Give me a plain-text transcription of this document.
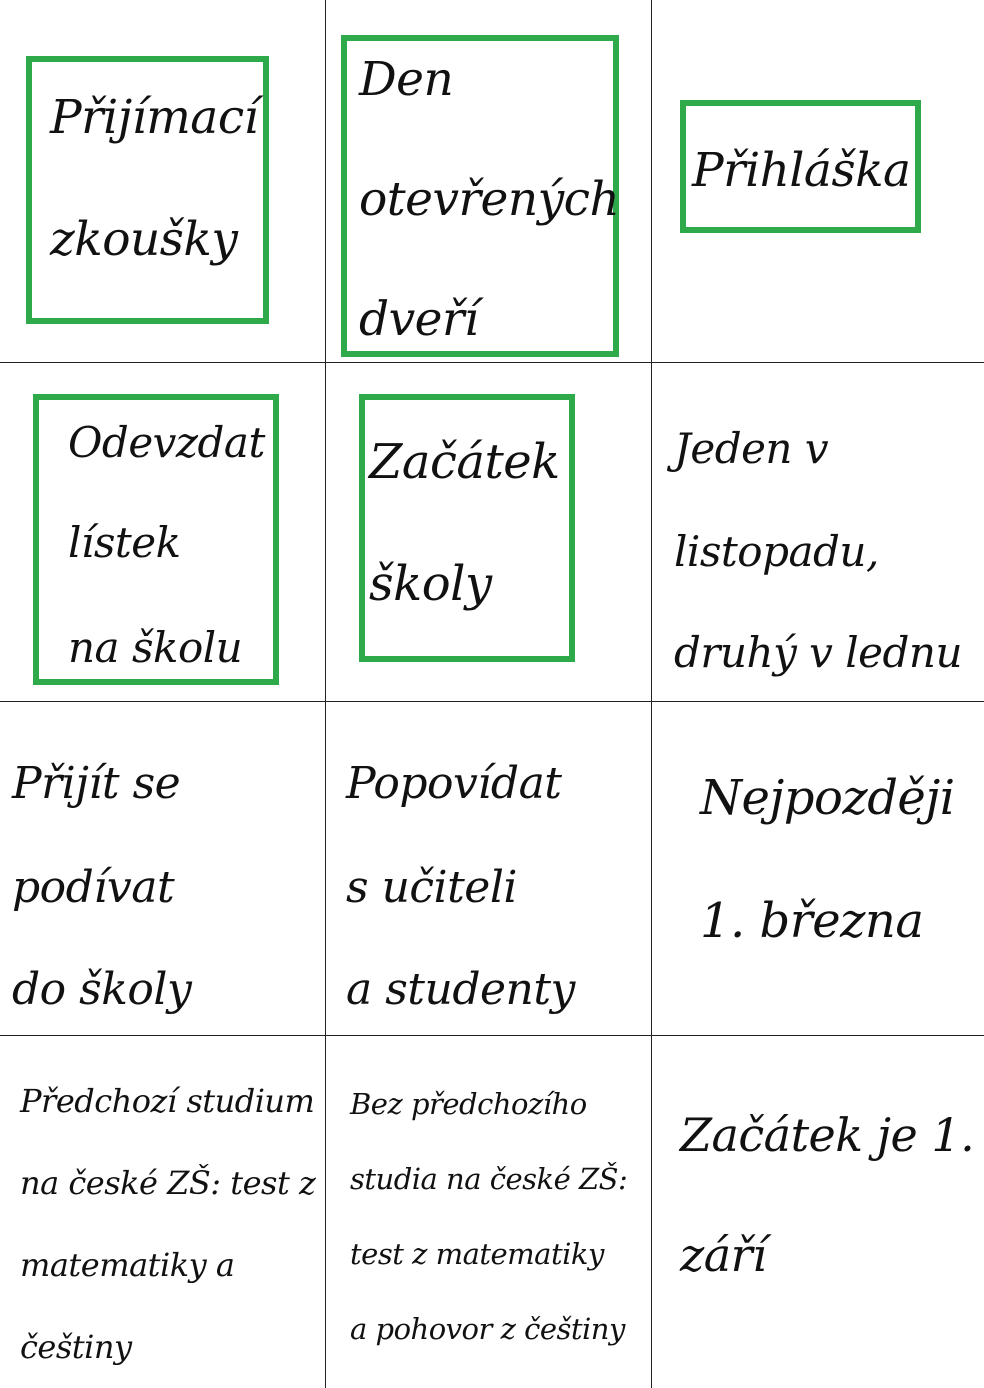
Přijímací
zkoušky
Den
otevřených
dveří
Přihláška
Odevzdat
lístek
na školu
Začátek
školy
Jeden v
listopadu,
druhý v lednu
Přijít se
podívat
do školy
Popovídat
s učiteli
a studenty
Nejpozději
1. března
Předchozí studium
na české ZŠ: test z
matematiky a
češtiny
Bez předchozího
studia na české ZŠ:
test z matematiky
a pohovor z češtiny
Začátek je 1.
září
